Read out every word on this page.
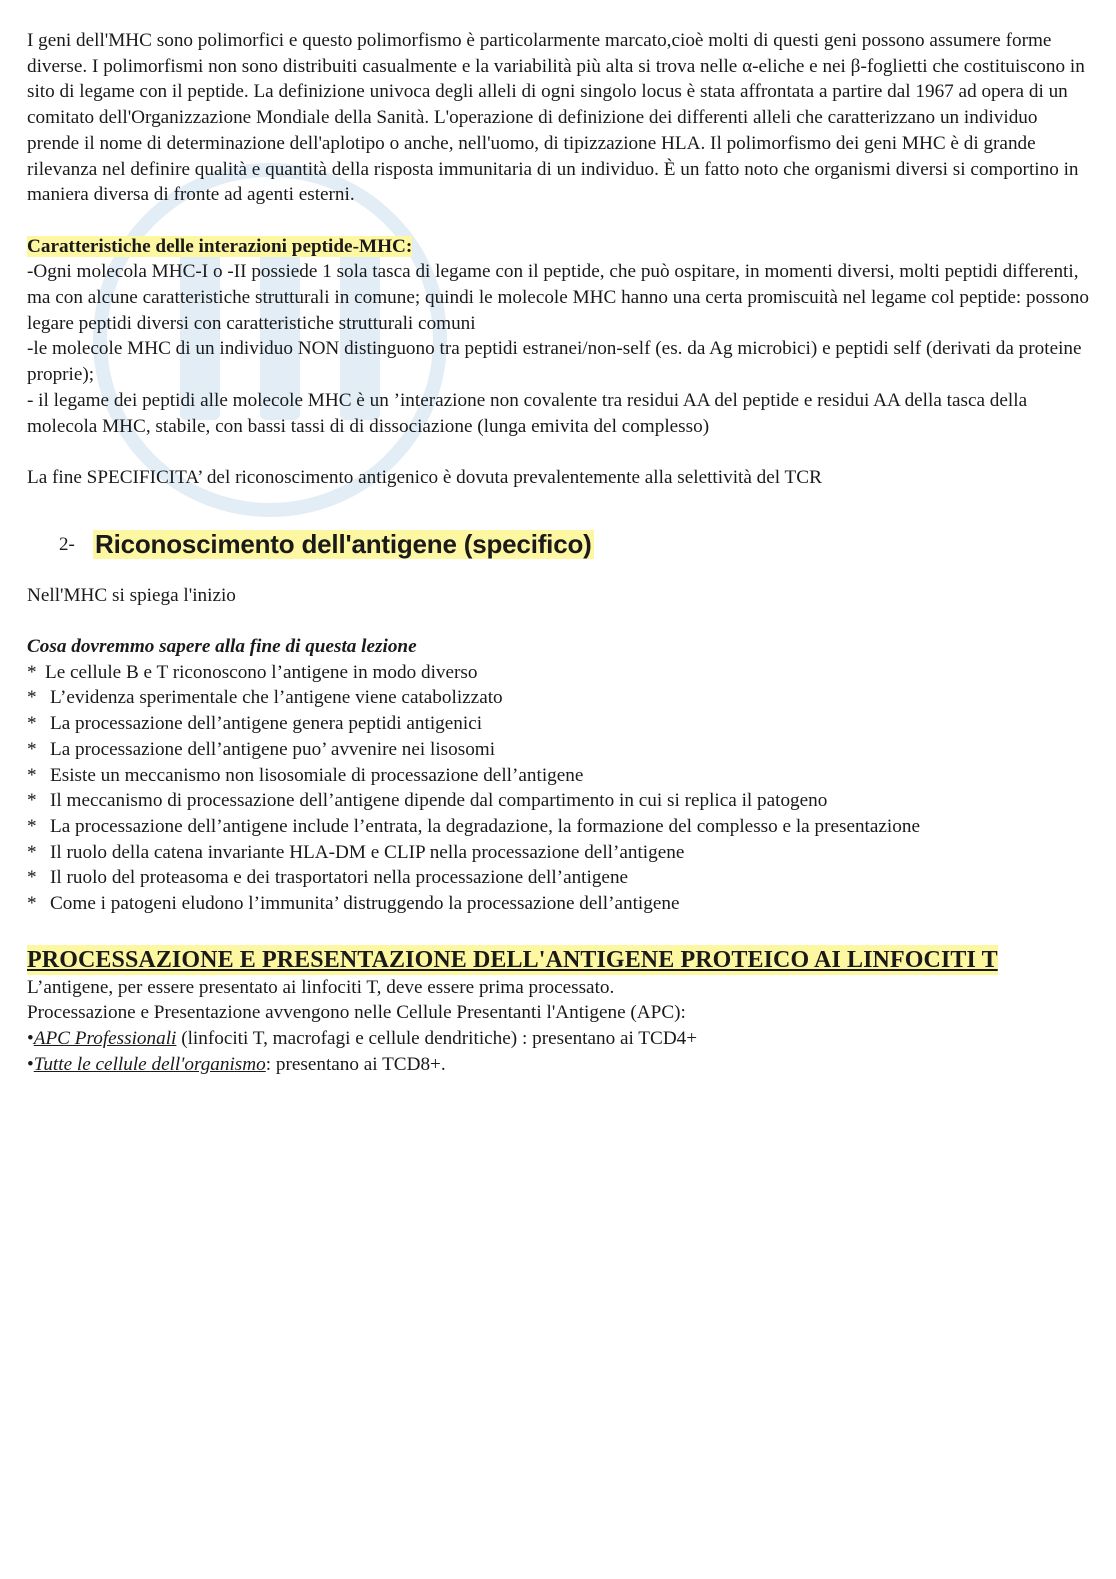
I geni dell'MHC sono polimorfici e questo polimorfismo è particolarmente marcato,cioè molti di questi geni possono assumere forme diverse. I polimorfismi non sono distribuiti casualmente e la variabilità più alta si trova nelle α-eliche e nei β-foglietti che costituiscono in sito di legame con il peptide. La definizione univoca degli alleli di ogni singolo locus è stata affrontata a partire dal 1967 ad opera di un comitato dell'Organizzazione Mondiale della Sanità. L'operazione di definizione dei differenti alleli che caratterizzano un individuo prende il nome di determinazione dell'aplotipo o anche, nell'uomo, di tipizzazione HLA. Il polimorfismo dei geni MHC è di grande rilevanza nel definire qualità e quantità della risposta immunitaria di un individuo. È un fatto noto che organismi diversi si comportino in maniera diversa di fronte ad agenti esterni.

Caratteristiche delle interazioni peptide-MHC:

-Ogni molecola MHC-I o -II possiede 1 sola tasca di legame con il peptide, che può ospitare, in momenti diversi, molti peptidi differenti, ma con alcune caratteristiche strutturali in comune; quindi le molecole MHC hanno una certa promiscuità nel legame col peptide: possono legare peptidi diversi con caratteristiche strutturali comuni

-le molecole MHC di un individuo NON distinguono tra peptidi estranei/non-self (es. da Ag microbici) e peptidi self (derivati da proteine proprie);

- il legame dei peptidi alle molecole MHC è un ’interazione non covalente tra residui AA del peptide e residui AA della tasca della molecola MHC, stabile, con bassi tassi di di dissociazione (lunga emivita del complesso)

La fine SPECIFICITA’ del riconoscimento antigenico è dovuta prevalentemente alla selettività del TCR

2- Riconoscimento dell'antigene (specifico)

Nell'MHC si spiega l'inizio

Cosa dovremmo sapere alla fine di questa lezione

* Le cellule B e T riconoscono l’antigene in modo diverso
* L’evidenza sperimentale che l’antigene viene catabolizzato
* La processazione dell’antigene genera peptidi antigenici
* La processazione dell’antigene puo’ avvenire nei lisosomi
* Esiste un meccanismo non lisosomiale di processazione dell’antigene
* Il meccanismo di processazione dell’antigene dipende dal compartimento in cui si replica il patogeno
* La processazione dell’antigene include l’entrata, la degradazione, la formazione del complesso e la presentazione
* Il ruolo della catena invariante HLA-DM e CLIP nella processazione dell’antigene
* Il ruolo del proteasoma e dei trasportatori nella processazione dell’antigene
* Come i patogeni eludono l’immunita’ distruggendo la processazione dell’antigene
PROCESSAZIONE E PRESENTAZIONE DELL'ANTIGENE PROTEICO AI LINFOCITI T

L’antigene, per essere presentato ai linfociti T, deve essere prima processato.

Processazione e Presentazione avvengono nelle Cellule Presentanti l'Antigene (APC):

•APC Professionali (linfociti T, macrofagi e cellule dendritiche) : presentano ai TCD4+

•Tutte le cellule dell'organismo: presentano ai TCD8+.
